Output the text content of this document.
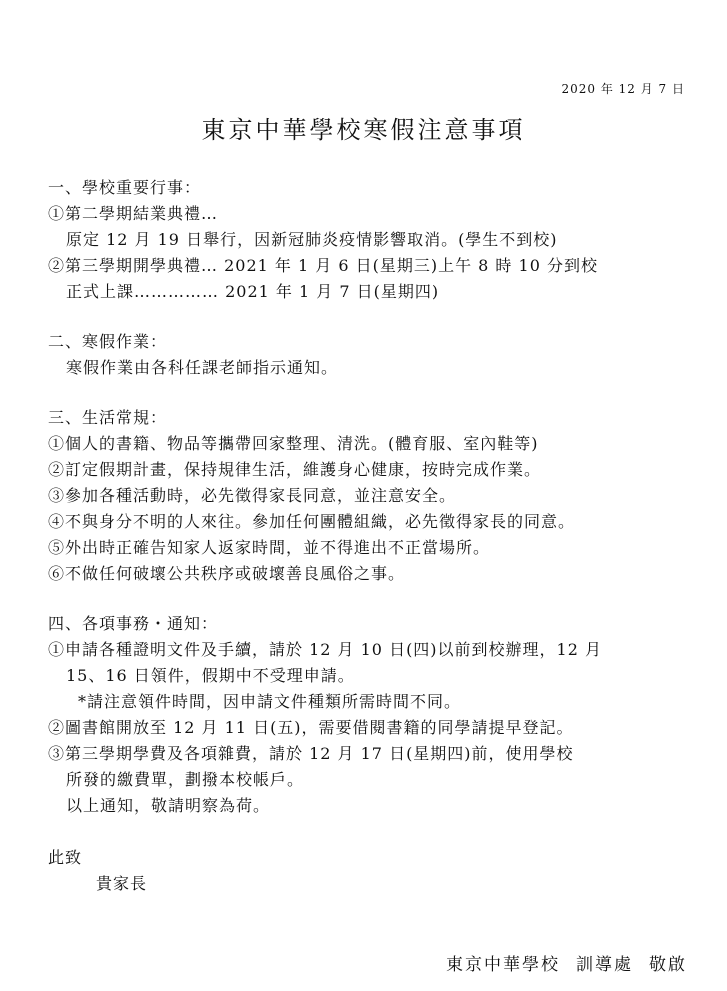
2020 年 12 月 7 日
東京中華學校寒假注意事項
一、學校重要行事：
①第二學期結業典禮…
原定 12 月 19 日舉行，因新冠肺炎疫情影響取消。(學生不到校)
②第三學期開學典禮… 2021 年 1 月 6 日(星期三)上午 8 時 10 分到校
正式上課…………… 2021 年 1 月 7 日(星期四)
二、寒假作業：
寒假作業由各科任課老師指示通知。
三、生活常規：
①個人的書籍、物品等攜帶回家整理、清洗。(體育服、室內鞋等)
②訂定假期計畫，保持規律生活，維護身心健康，按時完成作業。
③參加各種活動時，必先徵得家長同意，並注意安全。
④不與身分不明的人來往。參加任何團體組織，必先徵得家長的同意。
⑤外出時正確告知家人返家時間，並不得進出不正當場所。
⑥不做任何破壞公共秩序或破壞善良風俗之事。
四、各項事務・通知：
①申請各種證明文件及手續，請於 12 月 10 日(四)以前到校辦理，12 月
15、16 日領件，假期中不受理申請。
*請注意領件時間，因申請文件種類所需時間不同。
②圖書館開放至 12 月 11 日(五)，需要借閱書籍的同學請提早登記。
③第三學期學費及各項雜費，請於 12 月 17 日(星期四)前，使用學校
所發的繳費單，劃撥本校帳戶。
以上通知，敬請明察為荷。
此致
貴家長
東京中華學校 訓導處 敬啟
